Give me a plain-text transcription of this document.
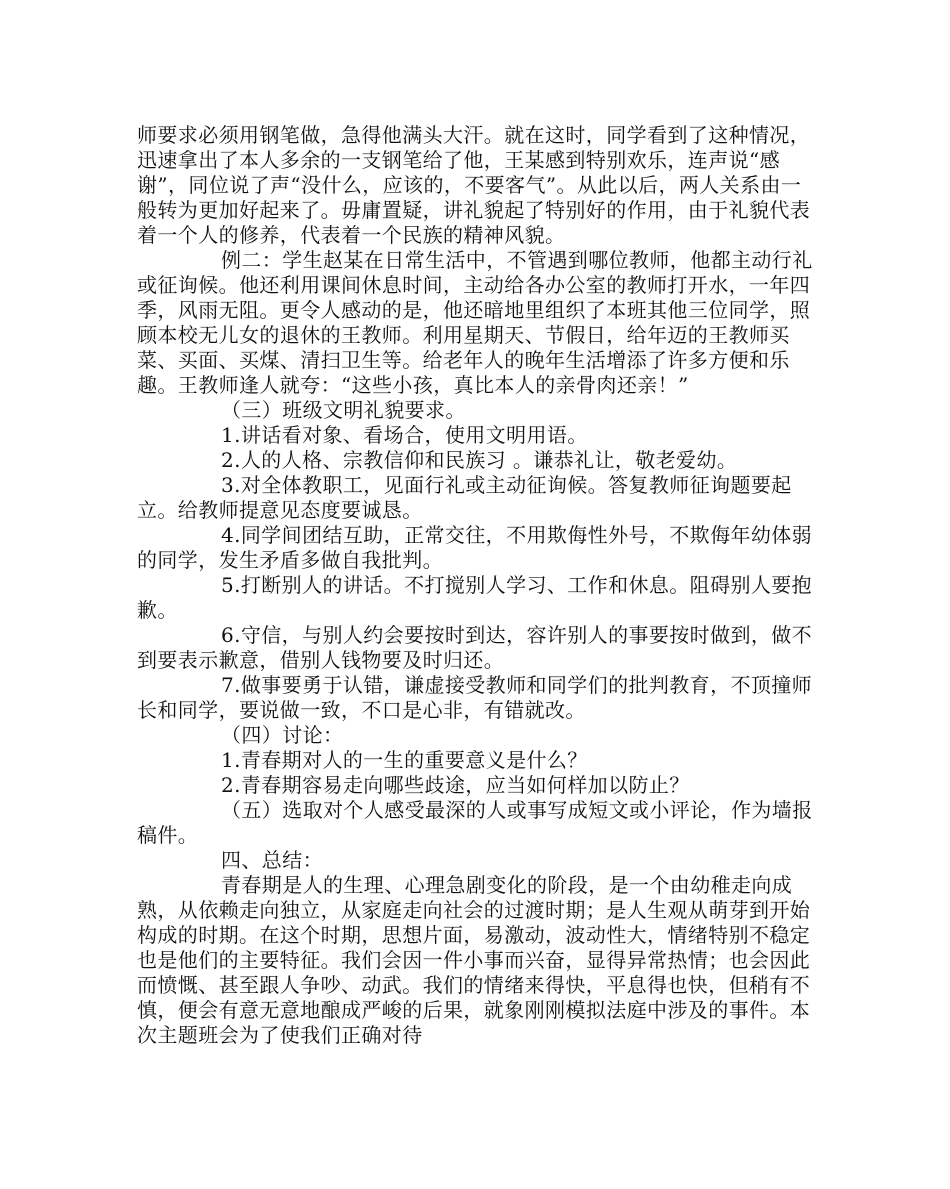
师要求必须用钢笔做，急得他满头大汗。就在这时，同学看到了这种情况，迅速拿出了本人多余的一支钢笔给了他，王某感到特别欢乐，连声说“感谢”，同位说了声“没什么，应该的，不要客气”。从此以后，两人关系由一般转为更加好起来了。毋庸置疑，讲礼貌起了特别好的作用，由于礼貌代表着一个人的修养，代表着一个民族的精神风貌。

例二：学生赵某在日常生活中，不管遇到哪位教师，他都主动行礼或征询候。他还利用课间休息时间，主动给各办公室的教师打开水，一年四季，风雨无阻。更令人感动的是，他还暗地里组织了本班其他三位同学，照顾本校无儿女的退休的王教师。利用星期天、节假日，给年迈的王教师买菜、买面、买煤、清扫卫生等。给老年人的晚年生活增添了许多方便和乐趣。王教师逢人就夸：“这些小孩，真比本人的亲骨肉还亲！”

（三）班级文明礼貌要求。

1.讲话看对象、看场合，使用文明用语。

2.人的人格、宗教信仰和民族习 。谦恭礼让，敬老爱幼。

3.对全体教职工，见面行礼或主动征询候。答复教师征询题要起立。给教师提意见态度要诚恳。

4.同学间团结互助，正常交往，不用欺侮性外号，不欺侮年幼体弱的同学，发生矛盾多做自我批判。

5.打断别人的讲话。不打搅别人学习、工作和休息。阻碍别人要抱歉。

6.守信，与别人约会要按时到达，容许别人的事要按时做到，做不到要表示歉意，借别人钱物要及时归还。

7.做事要勇于认错，谦虚接受教师和同学们的批判教育，不顶撞师长和同学，要说做一致，不口是心非，有错就改。

（四）讨论：

1.青春期对人的一生的重要意义是什么？

2.青春期容易走向哪些歧途，应当如何样加以防止？

（五）选取对个人感受最深的人或事写成短文或小评论，作为墙报稿件。

四、总结：

青春期是人的生理、心理急剧变化的阶段，是一个由幼稚走向成熟，从依赖走向独立，从家庭走向社会的过渡时期；是人生观从萌芽到开始构成的时期。在这个时期，思想片面，易激动，波动性大，情绪特别不稳定也是他们的主要特征。我们会因一件小事而兴奋，显得异常热情；也会因此而愤慨、甚至跟人争吵、动武。我们的情绪来得快，平息得也快，但稍有不慎，便会有意无意地酿成严峻的后果，就象刚刚模拟法庭中涉及的事件。本次主题班会为了使我们正确对待
